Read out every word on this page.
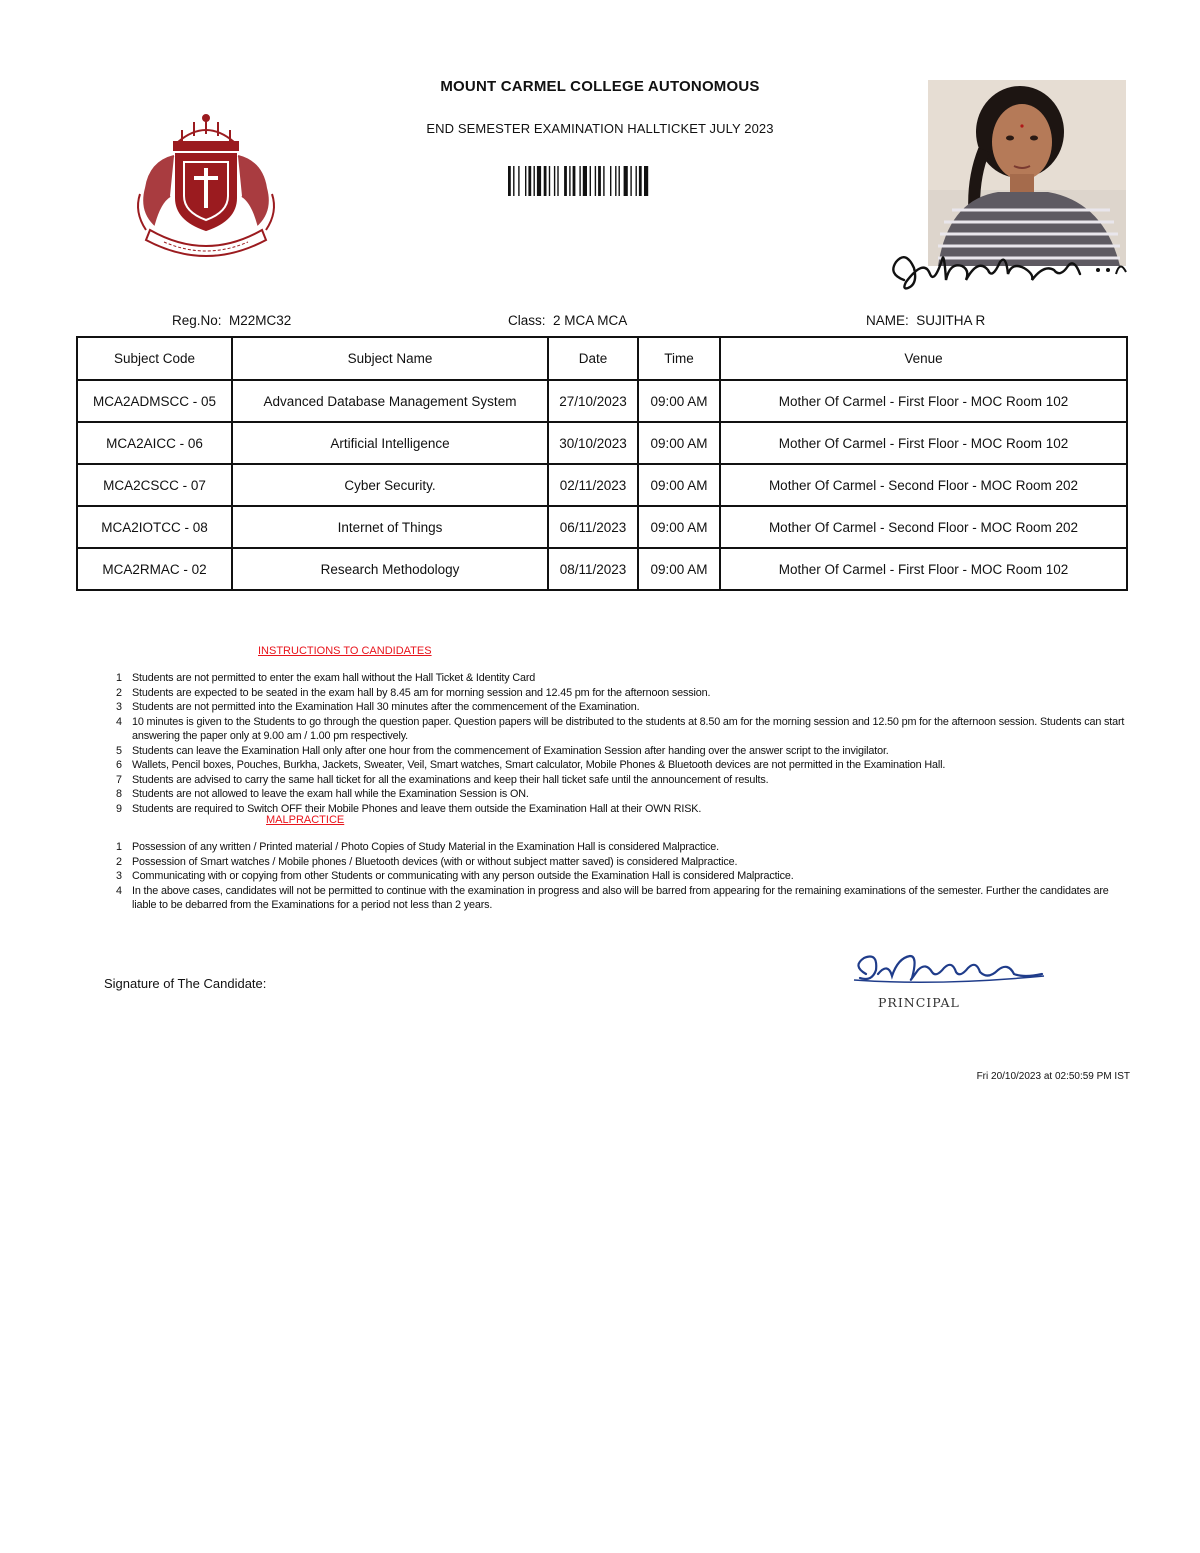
MOUNT CARMEL COLLEGE AUTONOMOUS
END SEMESTER EXAMINATION HALLTICKET JULY 2023
Reg.No: M22MC32	Class: 2 MCA MCA	NAME: SUJITHA R
Subject Code	Subject Name	Date	Time	Venue
MCA2ADMSCC - 05	Advanced Database Management System	27/10/2023	09:00 AM	Mother Of Carmel - First Floor - MOC Room 102
MCA2AICC - 06	Artificial Intelligence	30/10/2023	09:00 AM	Mother Of Carmel - First Floor - MOC Room 102
MCA2CSCC - 07	Cyber Security.	02/11/2023	09:00 AM	Mother Of Carmel - Second Floor - MOC Room 202
MCA2IOTCC - 08	Internet of Things	06/11/2023	09:00 AM	Mother Of Carmel - Second Floor - MOC Room 202
MCA2RMAC - 02	Research Methodology	08/11/2023	09:00 AM	Mother Of Carmel - First Floor - MOC Room 102
INSTRUCTIONS TO CANDIDATES
1 Students are not permitted to enter the exam hall without the Hall Ticket & Identity Card
2 Students are expected to be seated in the exam hall by 8.45 am for morning session and 12.45 pm for the afternoon session.
3 Students are not permitted into the Examination Hall 30 minutes after the commencement of the Examination.
4 10 minutes is given to the Students to go through the question paper. Question papers will be distributed to the students at 8.50 am for the morning session and 12.50 pm for the afternoon session. Students can start answering the paper only at 9.00 am / 1.00 pm respectively.
5 Students can leave the Examination Hall only after one hour from the commencement of Examination Session after handing over the answer script to the invigilator.
6 Wallets, Pencil boxes, Pouches, Burkha, Jackets, Sweater, Veil, Smart watches, Smart calculator, Mobile Phones & Bluetooth devices are not permitted in the Examination Hall.
7 Students are advised to carry the same hall ticket for all the examinations and keep their hall ticket safe until the announcement of results.
8 Students are not allowed to leave the exam hall while the Examination Session is ON.
9 Students are required to Switch OFF their Mobile Phones and leave them outside the Examination Hall at their OWN RISK.
MALPRACTICE
1 Possession of any written / Printed material / Photo Copies of Study Material in the Examination Hall is considered Malpractice.
2 Possession of Smart watches / Mobile phones / Bluetooth devices (with or without subject matter saved) is considered Malpractice.
3 Communicating with or copying from other Students or communicating with any person outside the Examination Hall is considered Malpractice.
4 In the above cases, candidates will not be permitted to continue with the examination in progress and also will be barred from appearing for the remaining examinations of the semester. Further the candidates are liable to be debarred from the Examinations for a period not less than 2 years.
Signature of The Candidate:
PRINCIPAL
Fri 20/10/2023 at 02:50:59 PM IST
